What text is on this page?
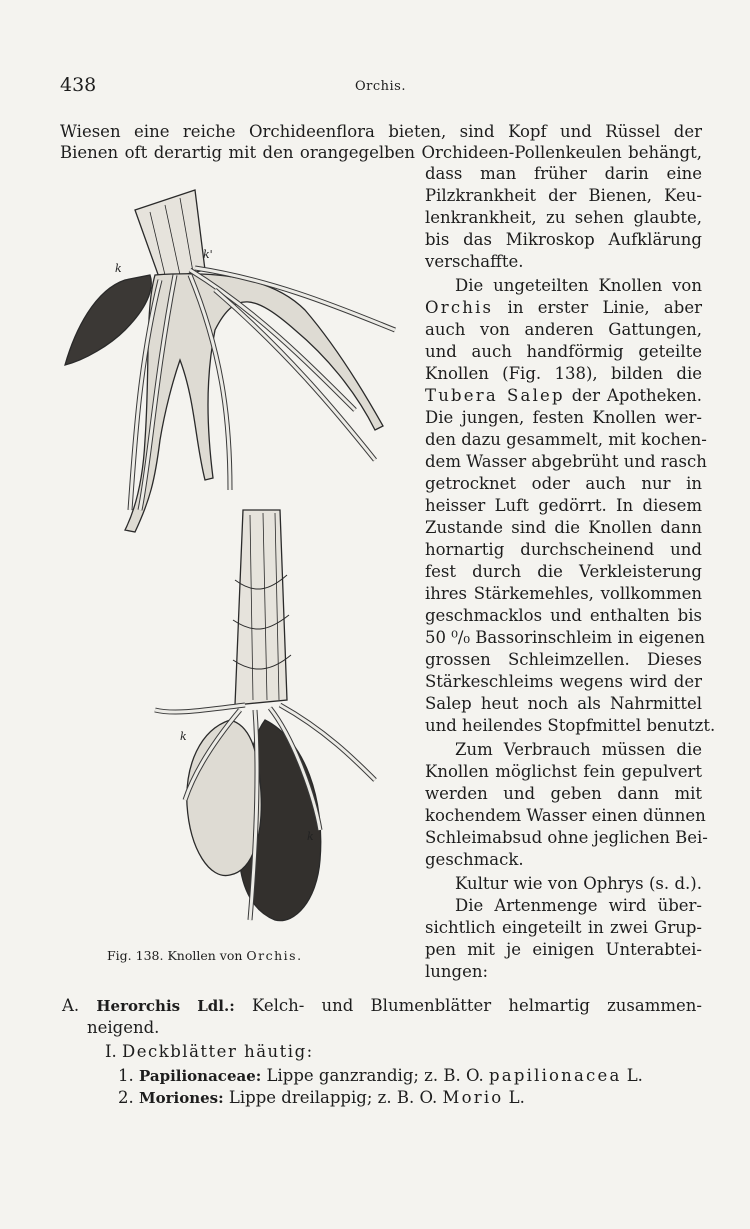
438	Orchis.
Wiesen eine reiche Orchideenflora bieten, sind Kopf und Rüssel der
Bienen oft derartig mit den orangegelben Orchideen-Pollenkeulen behängt,
k
k'
k
k
Fig. 138. Knollen von Orchis.
dass man früher darin eine
Pilzkrankheit der Bienen, Keu-
lenkrankheit, zu sehen glaubte,
bis das Mikroskop Aufklärung
verschaffte.
Die ungeteilten Knollen von
Orchis in erster Linie, aber
auch von anderen Gattungen,
und auch handförmig geteilte
Knollen (Fig. 138), bilden die
Tubera Salep der Apotheken.
Die jungen, festen Knollen wer-
den dazu gesammelt, mit kochen-
dem Wasser abgebrüht und rasch
getrocknet oder auch nur in
heisser Luft gedörrt. In diesem
Zustande sind die Knollen dann
hornartig durchscheinend und
fest durch die Verkleisterung
ihres Stärkemehles, vollkommen
geschmacklos und enthalten bis
50 ⁰/₀ Bassorinschleim in eigenen
grossen Schleimzellen. Dieses
Stärkeschleims wegens wird der
Salep heut noch als Nahrmittel
und heilendes Stopfmittel benutzt.
Zum Verbrauch müssen die
Knollen möglichst fein gepulvert
werden und geben dann mit
kochendem Wasser einen dünnen
Schleimabsud ohne jeglichen Bei-
geschmack.
Kultur wie von Ophrys (s. d.).
Die Artenmenge wird über-
sichtlich eingeteilt in zwei Grup-
pen mit je einigen Unterabtei-
lungen:
A. Herorchis Ldl.: Kelch- und Blumenblätter helmartig zusammen-
neigend.
I. Deckblätter häutig:
1. Papilionaceae: Lippe ganzrandig; z. B. O. papilionacea L.
2. Moriones: Lippe dreilappig; z. B. O. Morio L.
